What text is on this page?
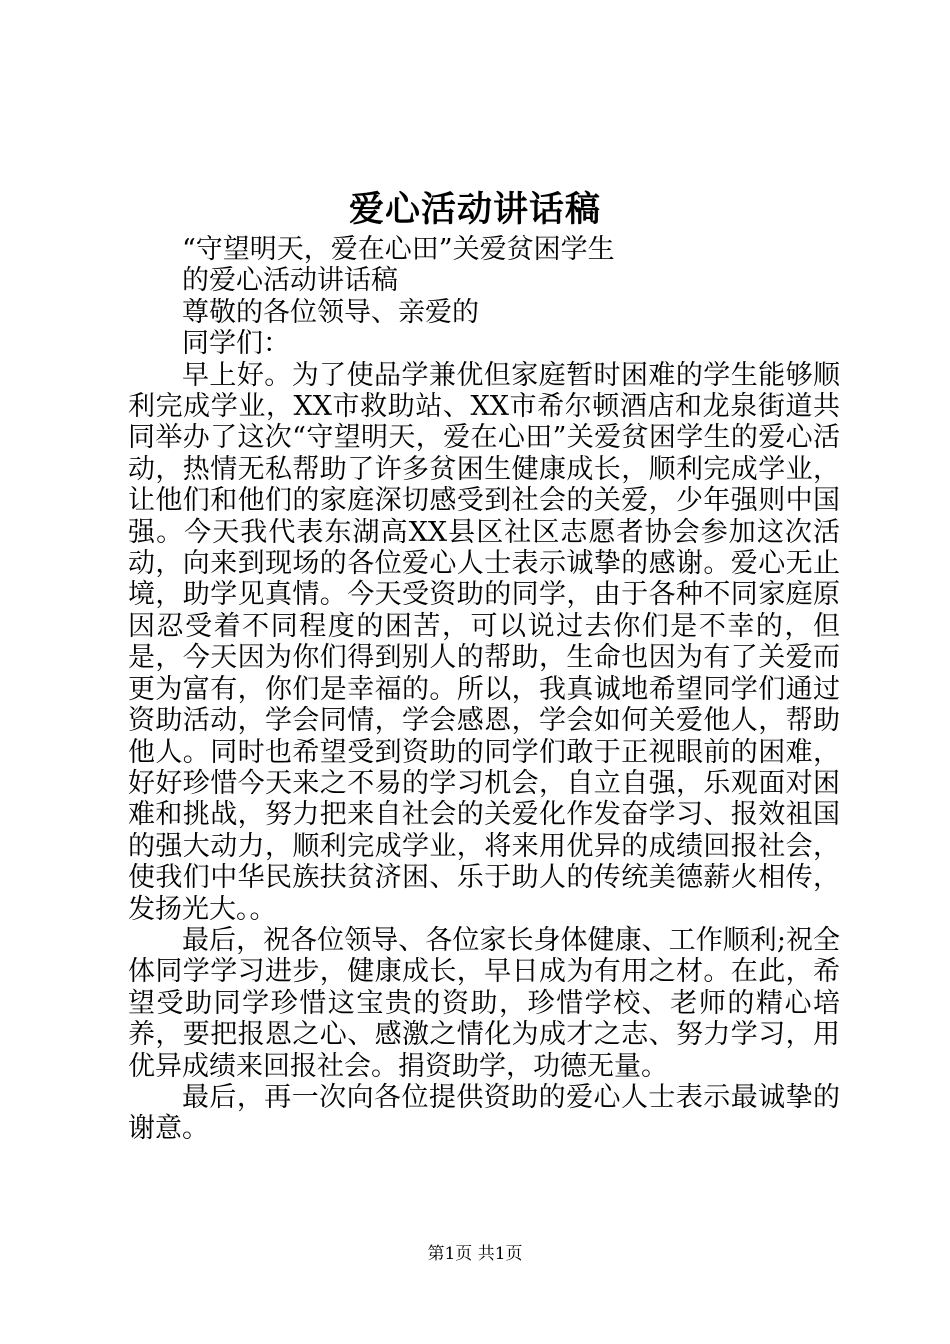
爱心活动讲话稿

“守望明天，爱在心田”关爱贫困学生

的爱心活动讲话稿

尊敬的各位领导、亲爱的

同学们：

早上好。为了使品学兼优但家庭暂时困难的学生能够顺利完成学业，XX市救助站、XX市希尔顿酒店和龙泉街道共同举办了这次“守望明天，爱在心田”关爱贫困学生的爱心活动，热情无私帮助了许多贫困生健康成长，顺利完成学业，让他们和他们的家庭深切感受到社会的关爱，少年强则中国强。今天我代表东湖高XX县区社区志愿者协会参加这次活动，向来到现场的各位爱心人士表示诚挚的感谢。爱心无止境，助学见真情。今天受资助的同学，由于各种不同家庭原因忍受着不同程度的困苦，可以说过去你们是不幸的，但是，今天因为你们得到别人的帮助，生命也因为有了关爱而更为富有，你们是幸福的。所以，我真诚地希望同学们通过资助活动，学会同情，学会感恩，学会如何关爱他人，帮助他人。同时也希望受到资助的同学们敢于正视眼前的困难，好好珍惜今天来之不易的学习机会，自立自强，乐观面对困难和挑战，努力把来自社会的关爱化作发奋学习、报效祖国的强大动力，顺利完成学业，将来用优异的成绩回报社会，使我们中华民族扶贫济困、乐于助人的传统美德薪火相传，发扬光大。。

最后，祝各位领导、各位家长身体健康、工作顺利;祝全体同学学习进步，健康成长，早日成为有用之材。在此，希望受助同学珍惜这宝贵的资助，珍惜学校、老师的精心培养，要把报恩之心、感激之情化为成才之志、努力学习，用优异成绩来回报社会。捐资助学，功德无量。

最后，再一次向各位提供资助的爱心人士表示最诚挚的谢意。

第1页 共1页
